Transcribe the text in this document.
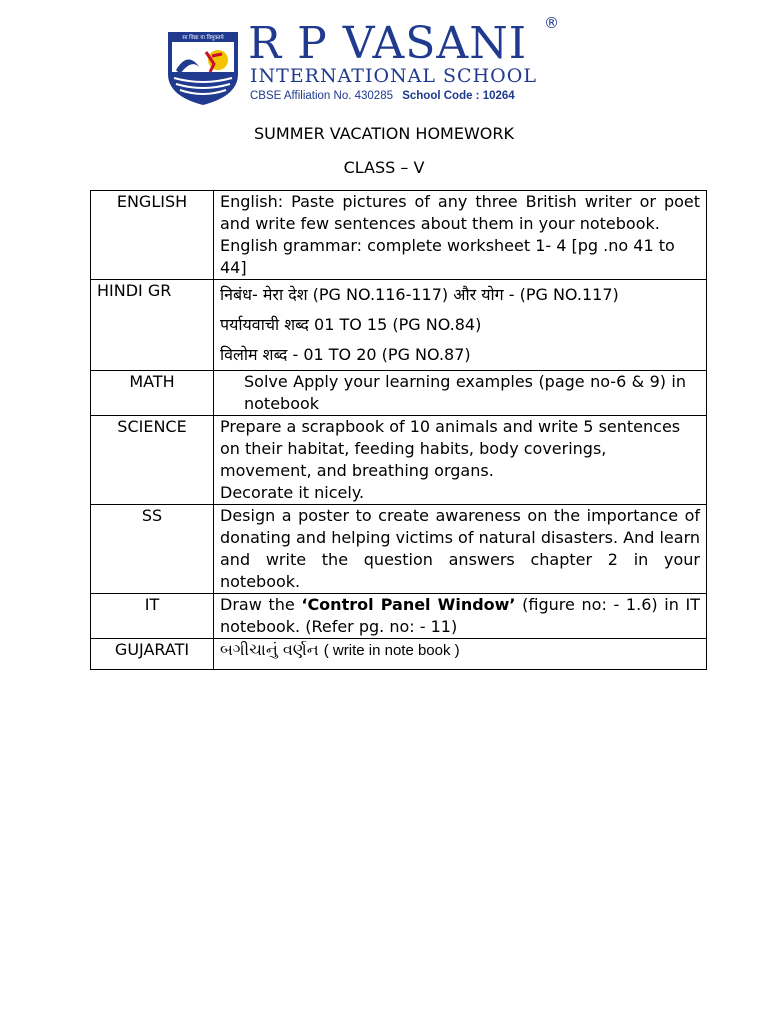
सा विद्या या विमुक्तये R P VASANI ®
INTERNATIONAL SCHOOL
CBSE Affiliation No. 430285 School Code : 10264
SUMMER VACATION HOMEWORK
CLASS – V
ENGLISH	English: Paste pictures of any three British writer or poet and write few sentences about them in your notebook.
English grammar: complete worksheet 1- 4 [pg .no 41 to 44]

HINDI GR	निबंध- मेरा देश (PG NO.116-117) और योग - (PG NO.117)
पर्यायवाची शब्द 01 TO 15 (PG NO.84)
विलोम शब्द - 01 TO 20 (PG NO.87)

MATH	Solve Apply your learning examples (page no-6 & 9) in notebook

SCIENCE	Prepare a scrapbook of 10 animals and write 5 sentences on their habitat, feeding habits, body coverings, movement, and breathing organs.
Decorate it nicely.

SS	Design a poster to create awareness on the importance of donating and helping victims of natural disasters. And learn and write the question answers chapter 2 in your notebook.

IT	Draw the ‘Control Panel Window’ (figure no: - 1.6) in IT notebook. (Refer pg. no: - 11)
GUJARATI	બગીચાનું વર્ણન ( write in note book )
